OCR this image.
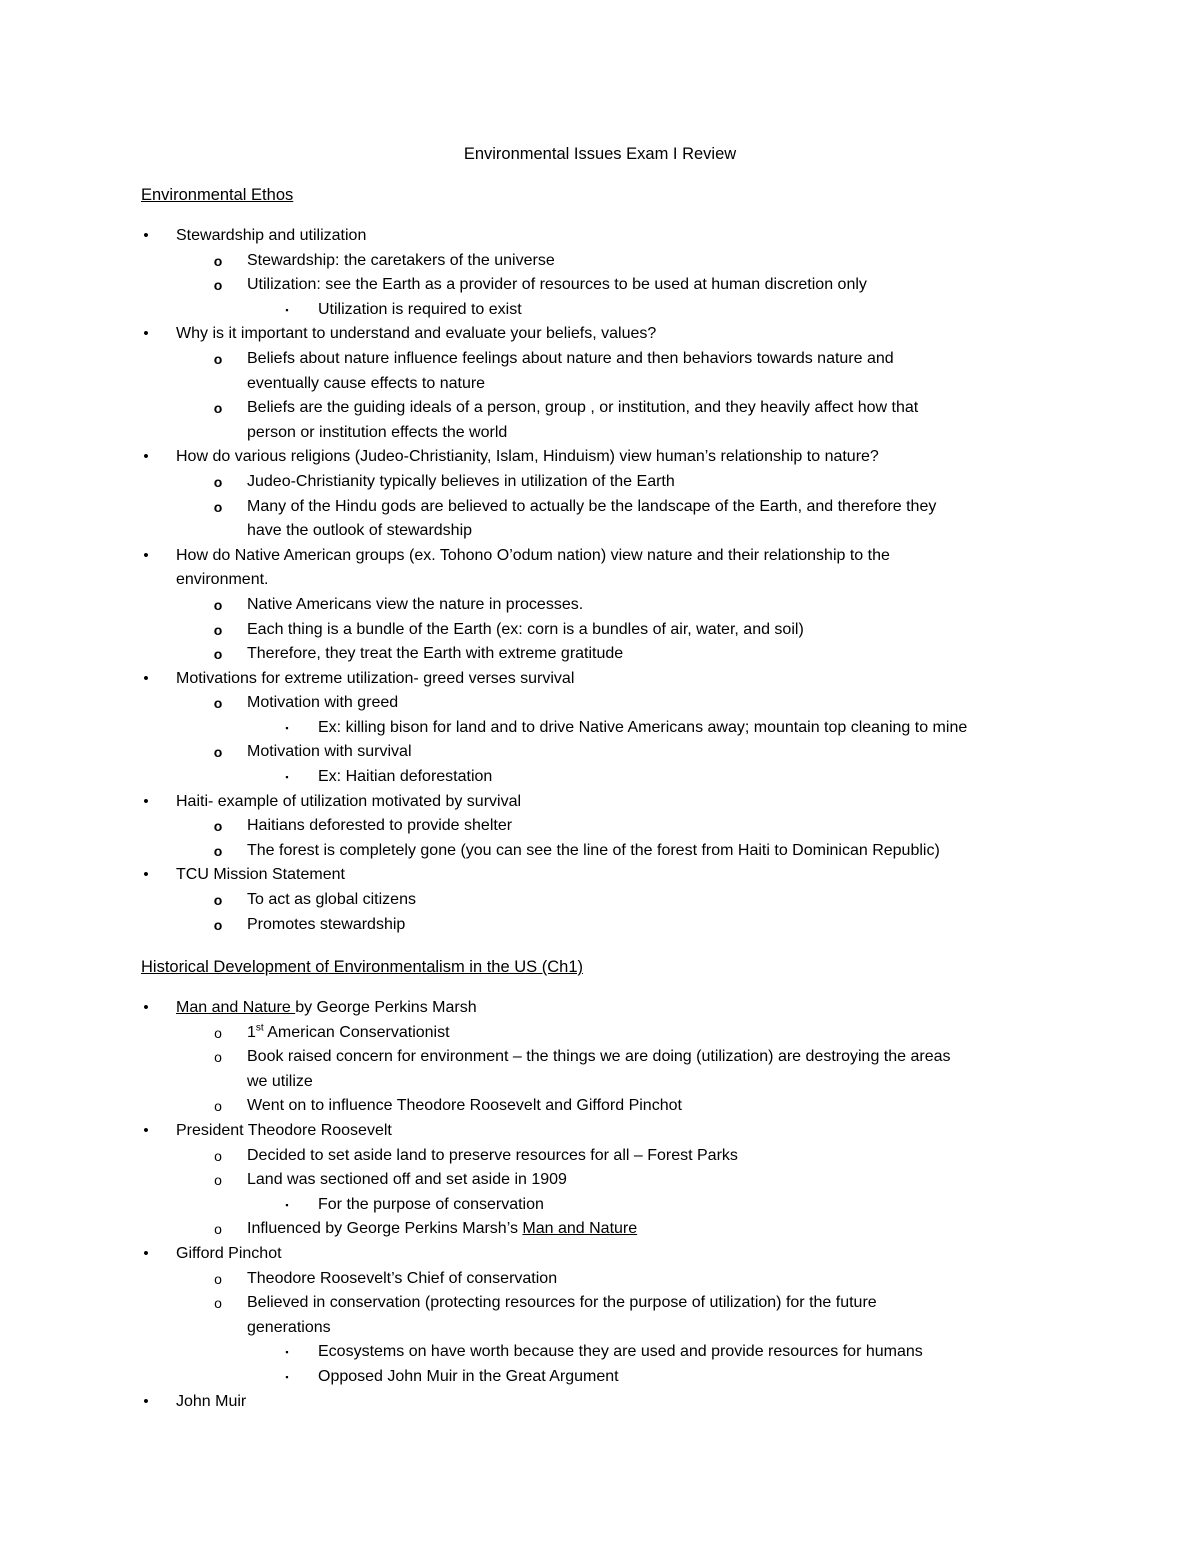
Environmental Issues Exam I Review
Environmental Ethos
• • Stewardship and utilization
• o Stewardship: the caretakers of the universe
• o Utilization: see the Earth as a provider of resources to be used at human discretion only
• ▪	Utilization is required to exist
• • Why is it important to understand and evaluate your beliefs, values?
• o Beliefs about nature influence feelings about nature and then behaviors towards nature and
• eventually cause effects to nature
• o Beliefs are the guiding ideals of a person, group , or institution, and they heavily affect how that
• person or institution effects the world
• • How do various religions (Judeo-Christianity, Islam, Hinduism) view human’s relationship to nature?
• o Judeo-Christianity typically believes in utilization of the Earth
• o Many of the Hindu gods are believed to actually be the landscape of the Earth, and therefore they
• have the outlook of stewardship
• • How do Native American groups (ex. Tohono O’odum nation) view nature and their relationship to the
• environment.
• o Native Americans view the nature in processes.
• o Each thing is a bundle of the Earth (ex: corn is a bundles of air, water, and soil)
• o Therefore, they treat the Earth with extreme gratitude
• • Motivations for extreme utilization- greed verses survival
• o Motivation with greed
• ▪	Ex: killing bison for land and to drive Native Americans away; mountain top cleaning to mine
• o Motivation with survival
• ▪	Ex: Haitian deforestation
• • Haiti- example of utilization motivated by survival
• o Haitians deforested to provide shelter
• o The forest is completely gone (you can see the line of the forest from Haiti to Dominican Republic)
• • TCU Mission Statement
• o To act as global citizens
• o Promotes stewardship
Historical Development of Environmentalism in the US (Ch1)
• • Man and Nature by George Perkins Marsh
• o 1st American Conservationist
• o Book raised concern for environment – the things we are doing (utilization) are destroying the areas
• we utilize
• o Went on to influence Theodore Roosevelt and Gifford Pinchot
• • President Theodore Roosevelt
• o Decided to set aside land to preserve resources for all – Forest Parks
• o Land was sectioned off and set aside in 1909
• ▪	For the purpose of conservation
• o Influenced by George Perkins Marsh’s Man and Nature
• • Gifford Pinchot
• o Theodore Roosevelt’s Chief of conservation
• o Believed in conservation (protecting resources for the purpose of utilization) for the future
• generations
• ▪	Ecosystems on have worth because they are used and provide resources for humans
• ▪	Opposed John Muir in the Great Argument
• • John Muir
